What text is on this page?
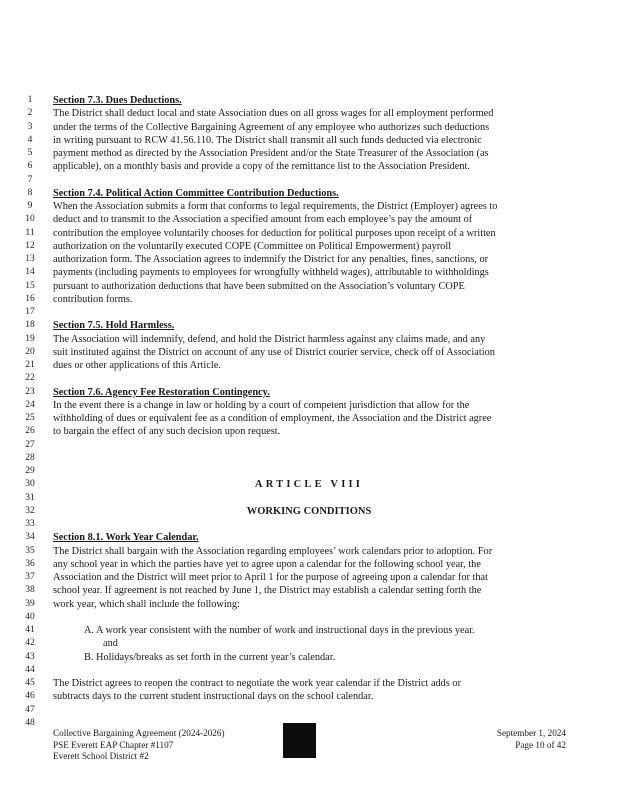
1	Section 7.3. Dues Deductions.
2	The District shall deduct local and state Association dues on all gross wages for all employment performed
3	under the terms of the Collective Bargaining Agreement of any employee who authorizes such deductions
4	in writing pursuant to RCW 41.56.110. The District shall transmit all such funds deducted via electronic
5	payment method as directed by the Association President and/or the State Treasurer of the Association (as
6	applicable), on a monthly basis and provide a copy of the remittance list to the Association President.
7
8	Section 7.4. Political Action Committee Contribution Deductions.
9	When the Association submits a form that conforms to legal requirements, the District (Employer) agrees to
10	deduct and to transmit to the Association a specified amount from each employee’s pay the amount of
11	contribution the employee voluntarily chooses for deduction for political purposes upon receipt of a written
12	authorization on the voluntarily executed COPE (Committee on Political Empowerment) payroll
13	authorization form. The Association agrees to indemnify the District for any penalties, fines, sanctions, or
14	payments (including payments to employees for wrongfully withheld wages), attributable to withholdings
15	pursuant to authorization deductions that have been submitted on the Association’s voluntary COPE
16	contribution forms.
17
18	Section 7.5. Hold Harmless.
19	The Association will indemnify, defend, and hold the District harmless against any claims made, and any
20	suit instituted against the District on account of any use of District courier service, check off of Association
21	dues or other applications of this Article.
22
23	Section 7.6. Agency Fee Restoration Contingency.
24	In the event there is a change in law or holding by a court of competent jurisdiction that allow for the
25	withholding of dues or equivalent fee as a condition of employment, the Association and the District agree
26	to bargain the effect of any such decision upon request.
27
28
29
30	ARTICLE VIII
31
32	WORKING CONDITIONS
33
34	Section 8.1. Work Year Calendar.
35	The District shall bargain with the Association regarding employees’ work calendars prior to adoption. For
36	any school year in which the parties have yet to agree upon a calendar for the following school year, the
37	Association and the District will meet prior to April 1 for the purpose of agreeing upon a calendar for that
38	school year. If agreement is not reached by June 1, the District may establish a calendar setting forth the
39	work year, which shall include the following:
40
41	A. A work year consistent with the number of work and instructional days in the previous year.
42	and
43	B. Holidays/breaks as set forth in the current year’s calendar.
44
45	The District agrees to reopen the contract to negotiate the work year calendar if the District adds or
46	subtracts days to the current student instructional days on the school calendar.
47
48
Collective Bargaining Agreement (2024-2026)
PSE Everett EAP Chapter #1107
Everett School District #2
September 1, 2024
Page 10 of 42
